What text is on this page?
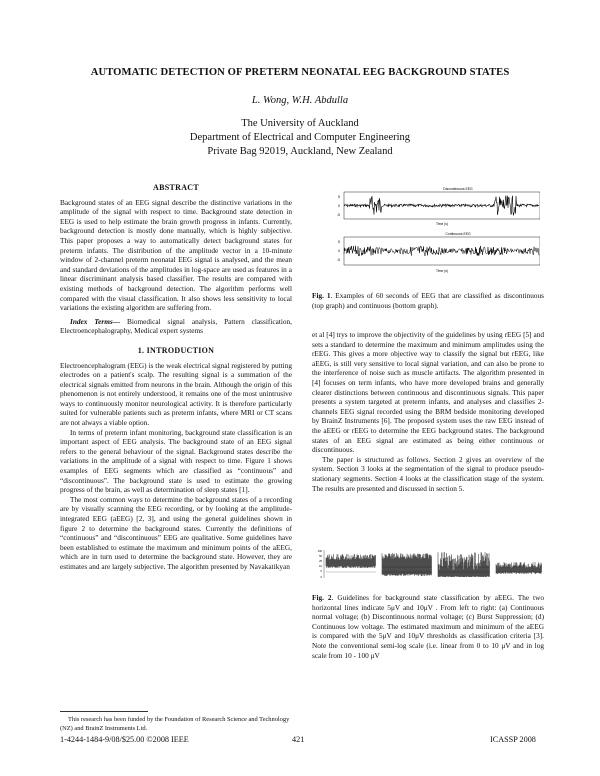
AUTOMATIC DETECTION OF PRETERM NEONATAL EEG BACKGROUND STATES
L. Wong, W.H. Abdulla
The University of Auckland
Department of Electrical and Computer Engineering
Private Bag 92019, Auckland, New Zealand
ABSTRACT

Background states of an EEG signal describe the distinctive variations in the amplitude of the signal with respect to time. Background state detection in EEG is used to help estimate the brain growth progress in infants. Currently, background detection is mostly done manually, which is highly subjective. This paper proposes a way to automatically detect background states for preterm infants. The distribution of the amplitude vector in a 10-minute window of 2-channel preterm neonatal EEG signal is analysed, and the mean and standard deviations of the amplitudes in log-space are used as features in a linear discriminant analysis based classifier. The results are compared with existing methods of background detection. The algorithm performs well compared with the visual classification. It also shows less sensitivity to local variations the existing algorithm are suffering from.

Index Terms— Biomedical signal analysis, Pattern classification, Electroencephalography, Medical expert systems

1. INTRODUCTION

Electroencephalogram (EEG) is the weak electrical signal registered by putting electrodes on a patient's scalp. The resulting signal is a summation of the electrical signals emitted from neurons in the brain. Although the origin of this phenomenon is not entirely understood, it remains one of the most unintrusive ways to continuously monitor neurological activity. It is therefore particularly suited for vulnerable patients such as preterm infants, where MRI or CT scans are not always a viable option.

In terms of preterm infant monitoring, background state classification is an important aspect of EEG analysis. The background state of an EEG signal refers to the general behaviour of the signal. Background states describe the variations in the amplitude of a signal with respect to time. Figure 1 shows examples of EEG segments which are classified as “continuous” and “discontinuous”. The background state is used to estimate the growing progress of the brain, as well as determination of sleep states [1].

The most common ways to determine the background states of a recording are by visually scanning the EEG recording, or by looking at the amplitude-integrated EEG (aEEG) [2, 3], and using the general guidelines shown in figure 2 to determine the background states. Currently the definitions of “continuous” and “discontinuous” EEG are qualitative. Some guidelines have been established to estimate the maximum and minimum points of the aEEG, which are in turn used to determine the background state. However, they are estimates and are largely subjective. The algorithm presented by Navakatikyan

This research has been funded by the Foundation of Research Science and Technology (NZ) and BrainZ Instruments Ltd.
Discontinuous EEG
5
0
-5
Time (s)
Continuous EEG
5
0
-5
Time (s)
Fig. 1. Examples of 60 seconds of EEG that are classified as discontinuous (top graph) and continuous (bottom graph).

et al [4] trys to improve the objectivity of the guidelines by using rEEG [5] and sets a standard to determine the maximum and minimum amplitudes using the rEEG. This gives a more objective way to classify the signal but rEEG, like aEEG, is still very sensitive to local signal variation, and can also be prone to the interference of noise such as muscle artifacts. The algorithm presented in [4] focuses on term infants, who have more developed brains and generally clearer distinctions between continuous and discontinuous signals. This paper presents a system targeted at preterm infants, and analyses and classifies 2-channels EEG signal recorded using the BRM bedside monitoring developed by BrainZ Instruments [6]. The proposed system uses the raw EEG instead of the aEEG or rEEG to determine the EEG background states. The background states of an EEG signal are estimated as being either continuous or discontinuous.

The paper is structured as follows. Section 2 gives an overview of the system. Section 3 looks at the segmentation of the signal to produce pseudo-stationary segments. Section 4 looks at the classification stage of the system. The results are presented and discussed in section 5.

100
50
25
10
5
0
Fig. 2. Guidelines for background state classification by aEEG. The two horizontal lines indicate 5μV and 10μV . From left to right: (a) Continuous normal voltage; (b) Discontinuous normal voltage; (c) Burst Suppression; (d) Continuous low voltage. The estimated maximum and minimum of the aEEG is compared with the 5μV and 10μV thresholds as classification criteria [3]. Note the conventional semi-log scale (i.e. linear from 0 to 10 μV and in log scale from 10 - 100 μV
1-4244-1484-9/08/$25.00 ©2008 IEEE	421	ICASSP 2008
